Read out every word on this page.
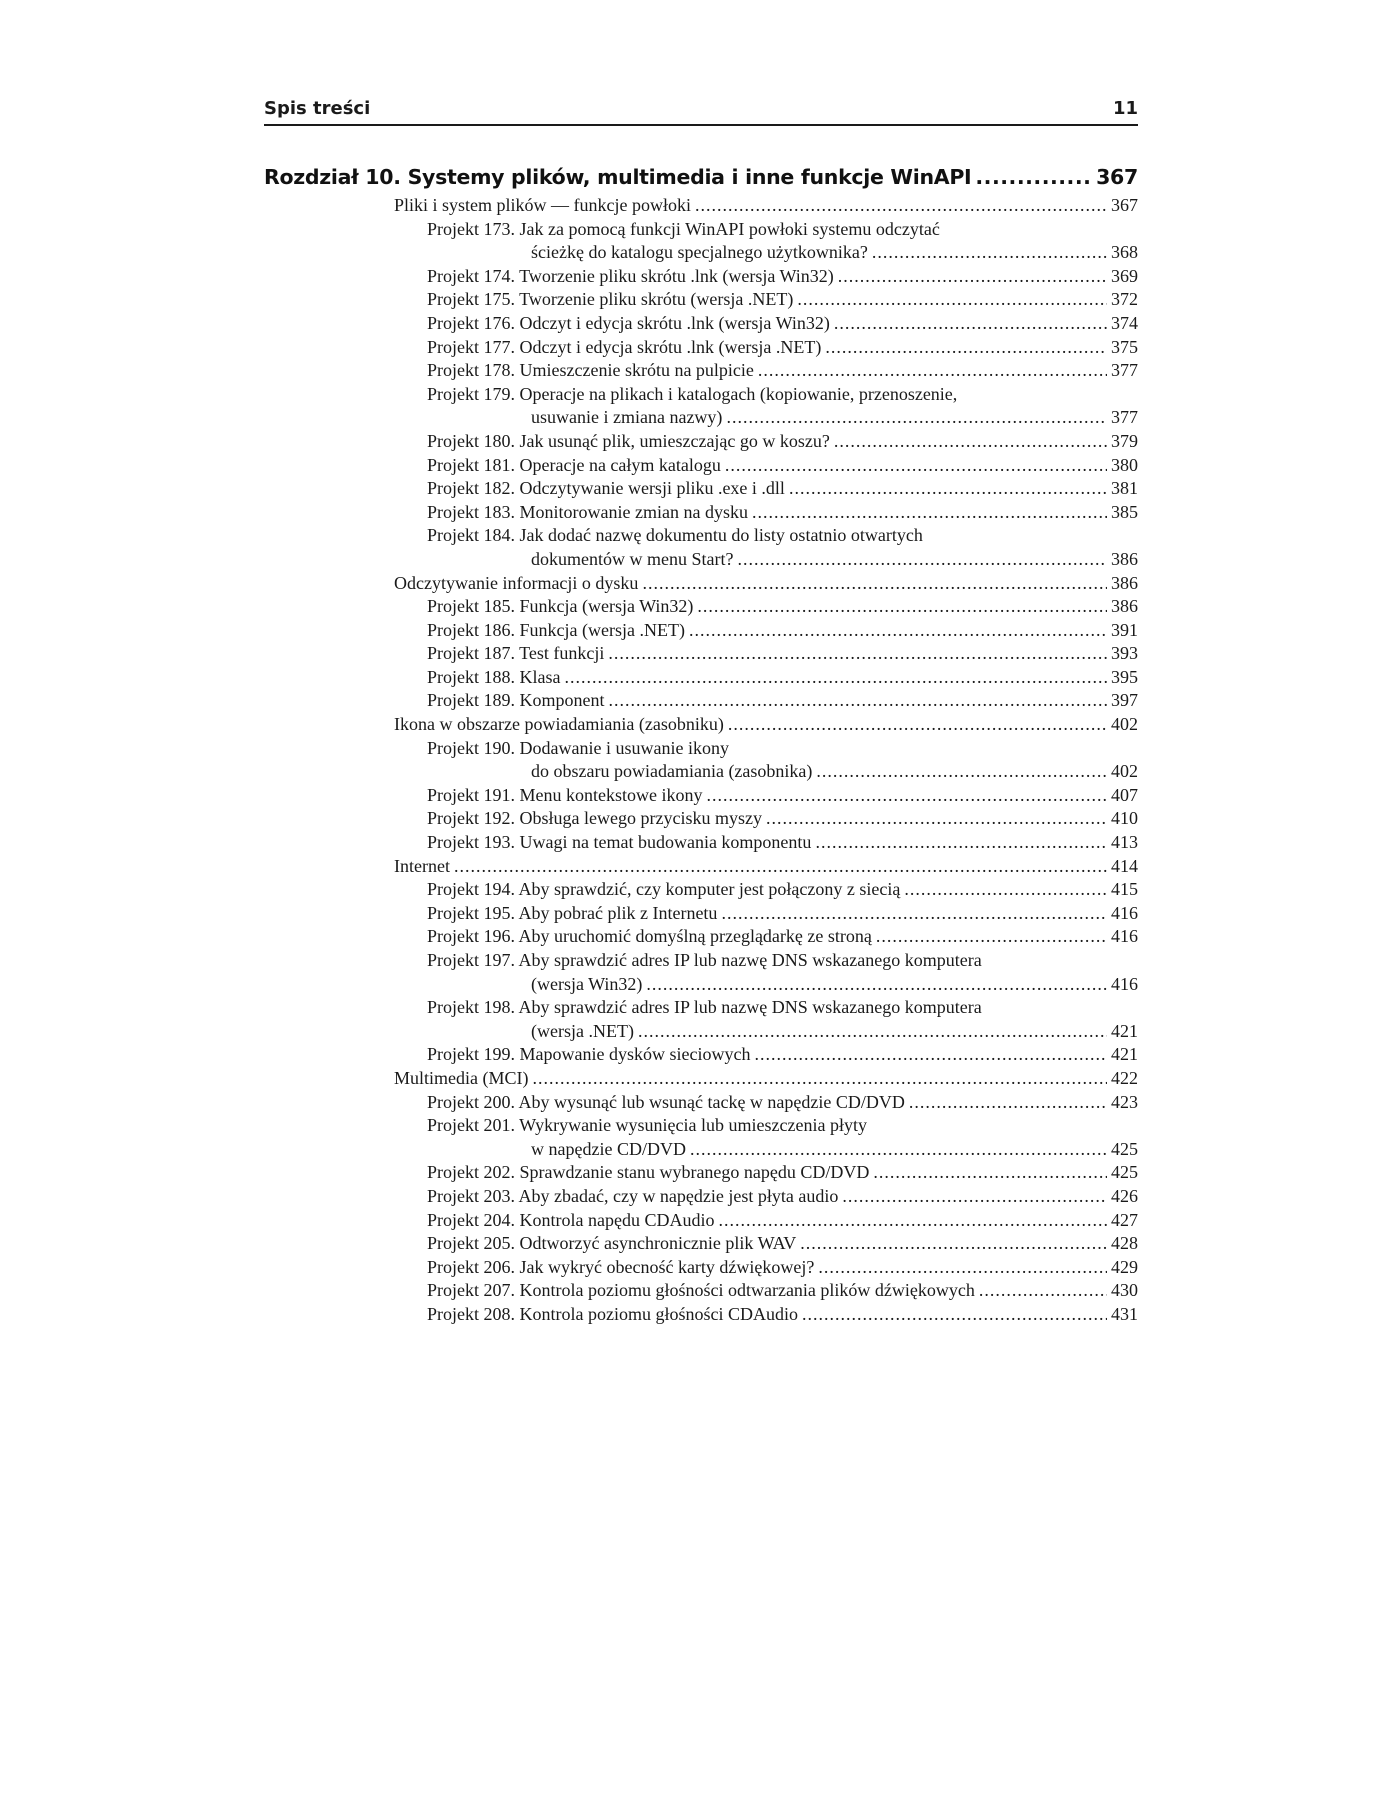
Spis treści	11
Rozdział 10. Systemy plików, multimedia i inne funkcje WinAPI .....	367
Pliki i system plików — funkcje powłoki .....	367
Projekt 173. Jak za pomocą funkcji WinAPI powłoki systemu odczytać
ścieżkę do katalogu specjalnego użytkownika? .....	368
Projekt 174. Tworzenie pliku skrótu .lnk (wersja Win32) .....	369
Projekt 175. Tworzenie pliku skrótu (wersja .NET) .....	372
Projekt 176. Odczyt i edycja skrótu .lnk (wersja Win32) .....	374
Projekt 177. Odczyt i edycja skrótu .lnk (wersja .NET) .....	375
Projekt 178. Umieszczenie skrótu na pulpicie .....	377
Projekt 179. Operacje na plikach i katalogach (kopiowanie, przenoszenie,
usuwanie i zmiana nazwy) .....	377
Projekt 180. Jak usunąć plik, umieszczając go w koszu? .....	379
Projekt 181. Operacje na całym katalogu .....	380
Projekt 182. Odczytywanie wersji pliku .exe i .dll .....	381
Projekt 183. Monitorowanie zmian na dysku .....	385
Projekt 184. Jak dodać nazwę dokumentu do listy ostatnio otwartych
dokumentów w menu Start? .....	386
Odczytywanie informacji o dysku .....	386
Projekt 185. Funkcja (wersja Win32) .....	386
Projekt 186. Funkcja (wersja .NET) .....	391
Projekt 187. Test funkcji .....	393
Projekt 188. Klasa .....	395
Projekt 189. Komponent .....	397
Ikona w obszarze powiadamiania (zasobniku) .....	402
Projekt 190. Dodawanie i usuwanie ikony
do obszaru powiadamiania (zasobnika) .....	402
Projekt 191. Menu kontekstowe ikony .....	407
Projekt 192. Obsługa lewego przycisku myszy .....	410
Projekt 193. Uwagi na temat budowania komponentu .....	413
Internet .....	414
Projekt 194. Aby sprawdzić, czy komputer jest połączony z siecią .....	415
Projekt 195. Aby pobrać plik z Internetu .....	416
Projekt 196. Aby uruchomić domyślną przeglądarkę ze stroną .....	416
Projekt 197. Aby sprawdzić adres IP lub nazwę DNS wskazanego komputera
(wersja Win32) .....	416
Projekt 198. Aby sprawdzić adres IP lub nazwę DNS wskazanego komputera
(wersja .NET) .....	421
Projekt 199. Mapowanie dysków sieciowych .....	421
Multimedia (MCI) .....	422
Projekt 200. Aby wysunąć lub wsunąć tackę w napędzie CD/DVD .....	423
Projekt 201. Wykrywanie wysunięcia lub umieszczenia płyty
w napędzie CD/DVD .....	425
Projekt 202. Sprawdzanie stanu wybranego napędu CD/DVD .....	425
Projekt 203. Aby zbadać, czy w napędzie jest płyta audio .....	426
Projekt 204. Kontrola napędu CDAudio .....	427
Projekt 205. Odtworzyć asynchronicznie plik WAV .....	428
Projekt 206. Jak wykryć obecność karty dźwiękowej? .....	429
Projekt 207. Kontrola poziomu głośności odtwarzania plików dźwiękowych .....	430
Projekt 208. Kontrola poziomu głośności CDAudio .....	431
